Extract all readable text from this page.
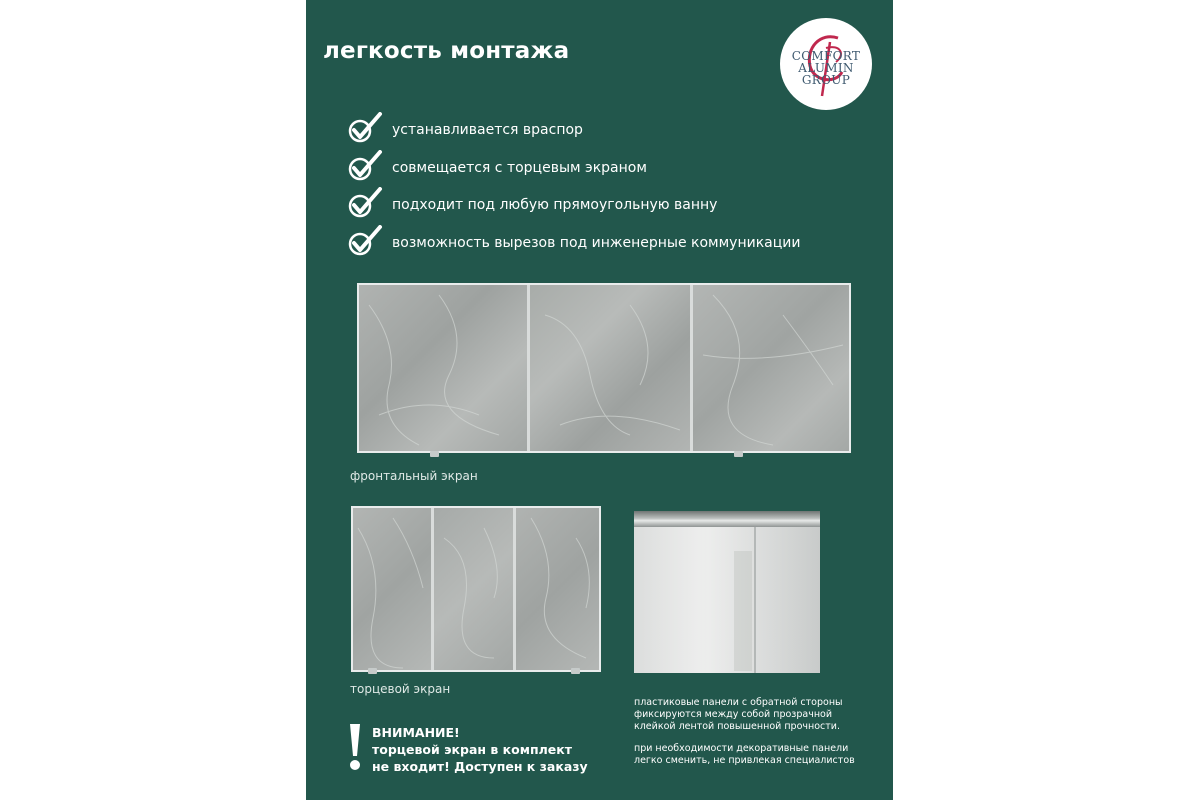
легкость монтажа	COMFORT
ALUMIN
GROUP
устанавливается враспор
совмещается с торцевым экраном
подходит под любую прямоугольную ванну
возможность вырезов под инженерные коммуникации
фронтальный экран
торцевой экран
ВНИМАНИЕ!
торцевой экран в комплект
не входит! Доступен к заказу
пластиковые панели с обратной стороны
фиксируются между собой прозрачной
клейкой лентой повышенной прочности.
при необходимости декоративные панели
легко сменить, не привлекая специалистов
